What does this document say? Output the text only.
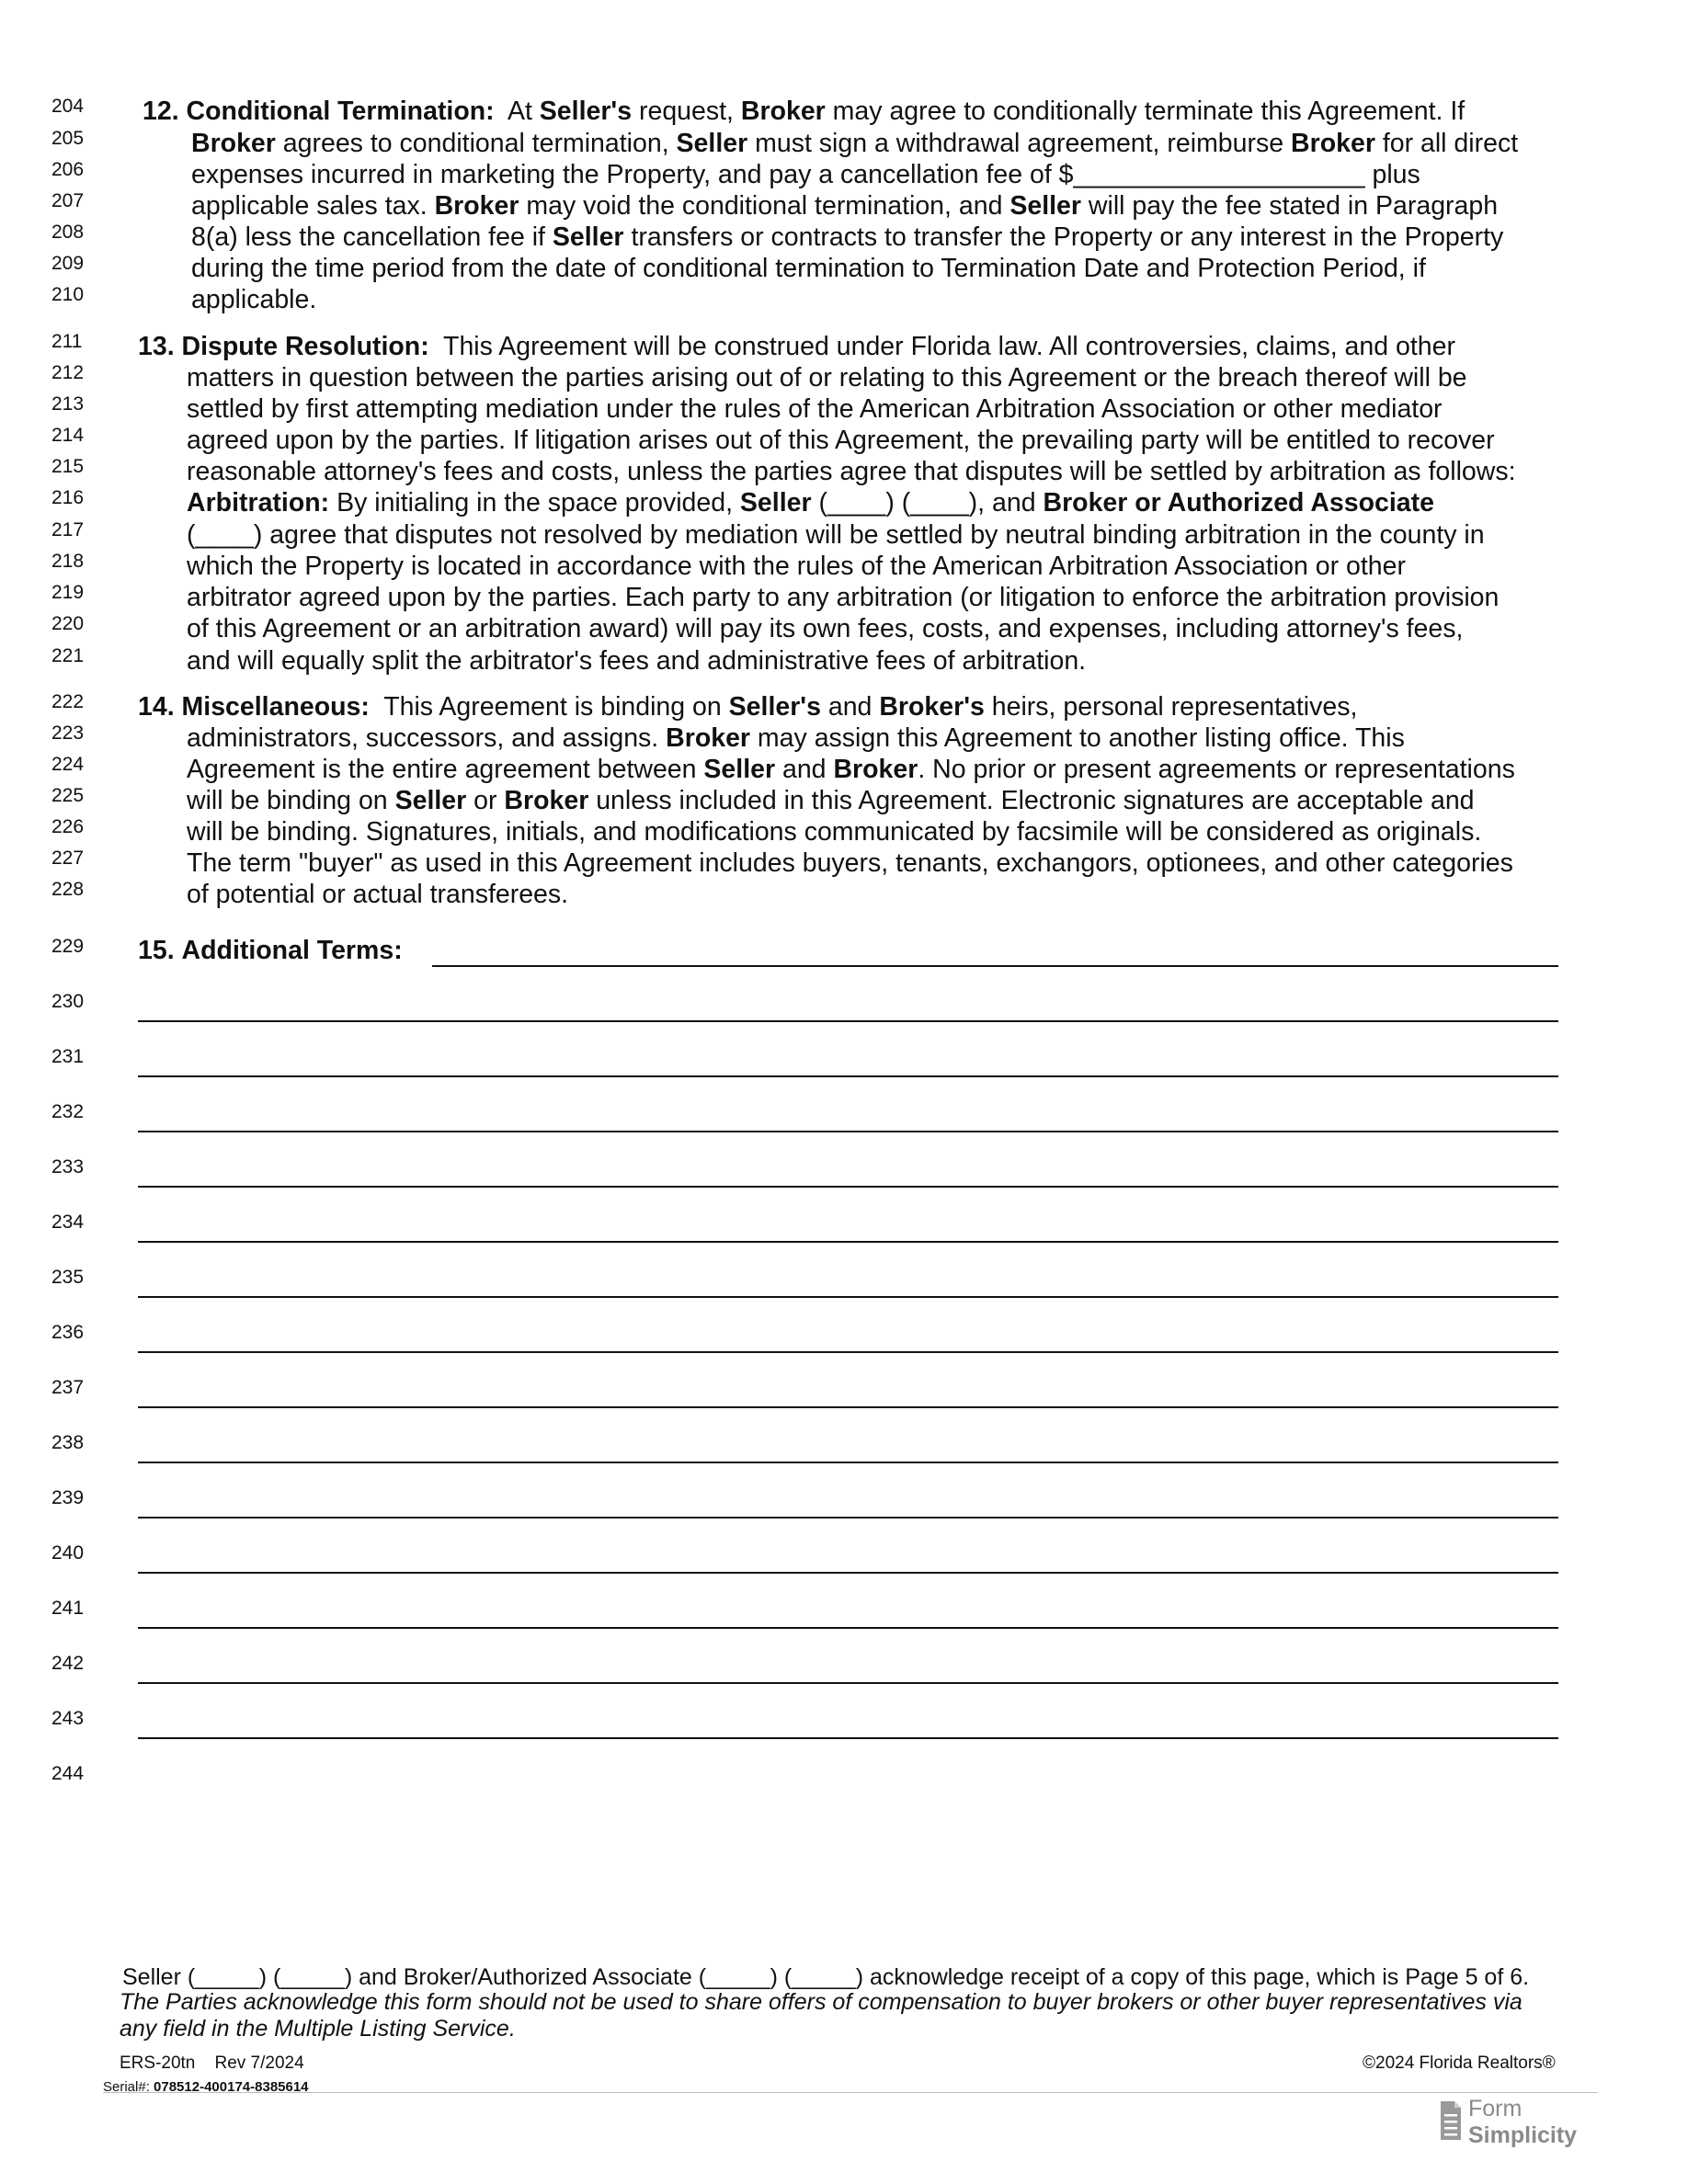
204
205
206
207
208
209
210
211
212
213
214
215
216
217
218
219
220
221
222
223
224
225
226
227
228
229
230
231
232
233
234
235
236
237
238
239
240
241
242
243
244
12. Conditional Termination: At Seller's request, Broker may agree to conditionally terminate this Agreement. If
Broker agrees to conditional termination, Seller must sign a withdrawal agreement, reimburse Broker for all direct
expenses incurred in marketing the Property, and pay a cancellation fee of $____________________ plus
applicable sales tax. Broker may void the conditional termination, and Seller will pay the fee stated in Paragraph
8(a) less the cancellation fee if Seller transfers or contracts to transfer the Property or any interest in the Property
during the time period from the date of conditional termination to Termination Date and Protection Period, if
applicable.
13. Dispute Resolution: This Agreement will be construed under Florida law. All controversies, claims, and other
matters in question between the parties arising out of or relating to this Agreement or the breach thereof will be
settled by first attempting mediation under the rules of the American Arbitration Association or other mediator
agreed upon by the parties. If litigation arises out of this Agreement, the prevailing party will be entitled to recover
reasonable attorney's fees and costs, unless the parties agree that disputes will be settled by arbitration as follows:
Arbitration: By initialing in the space provided, Seller (____) (____), and Broker or Authorized Associate
(____) agree that disputes not resolved by mediation will be settled by neutral binding arbitration in the county in
which the Property is located in accordance with the rules of the American Arbitration Association or other
arbitrator agreed upon by the parties. Each party to any arbitration (or litigation to enforce the arbitration provision
of this Agreement or an arbitration award) will pay its own fees, costs, and expenses, including attorney's fees,
and will equally split the arbitrator's fees and administrative fees of arbitration.
14. Miscellaneous: This Agreement is binding on Seller's and Broker's heirs, personal representatives,
administrators, successors, and assigns. Broker may assign this Agreement to another listing office. This
Agreement is the entire agreement between Seller and Broker. No prior or present agreements or representations
will be binding on Seller or Broker unless included in this Agreement. Electronic signatures are acceptable and
will be binding. Signatures, initials, and modifications communicated by facsimile will be considered as originals.
The term "buyer" as used in this Agreement includes buyers, tenants, exchangors, optionees, and other categories
of potential or actual transferees.
15. Additional Terms:
Seller (_____) (_____) and Broker/Authorized Associate (_____) (_____) acknowledge receipt of a copy of this page, which is Page 5 of 6.
The Parties acknowledge this form should not be used to share offers of compensation to buyer brokers or other buyer representatives via
any field in the Multiple Listing Service.
ERS-20tn    Rev 7/2024	©2024 Florida Realtors®
Serial#: 078512-400174-8385614
Form
Simplicity
